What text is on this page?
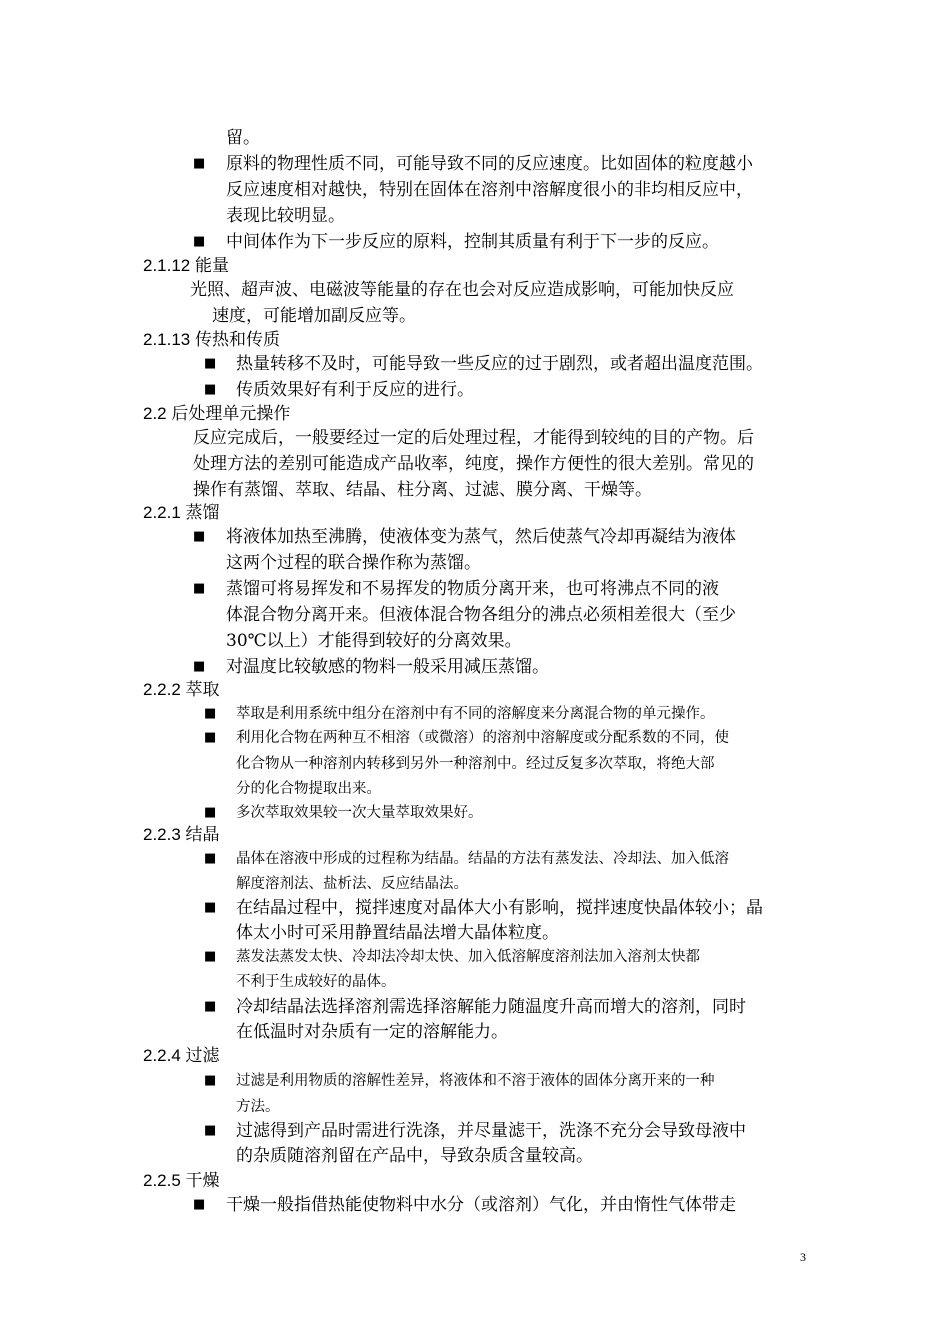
留。
■ 原料的物理性质不同，可能导致不同的反应速度。比如固体的粒度越小
反应速度相对越快，特别在固体在溶剂中溶解度很小的非均相反应中，
表现比较明显。
■ 中间体作为下一步反应的原料，控制其质量有利于下一步的反应。
2.1.12 能量
光照、超声波、电磁波等能量的存在也会对反应造成影响，可能加快反应
速度，可能增加副反应等。
2.1.13 传热和传质
■ 热量转移不及时，可能导致一些反应的过于剧烈，或者超出温度范围。
■ 传质效果好有利于反应的进行。
2.2 后处理单元操作
反应完成后，一般要经过一定的后处理过程，才能得到较纯的目的产物。后
处理方法的差别可能造成产品收率，纯度，操作方便性的很大差别。常见的
操作有蒸馏、萃取、结晶、柱分离、过滤、膜分离、干燥等。
2.2.1 蒸馏
■ 将液体加热至沸腾，使液体变为蒸气，然后使蒸气冷却再凝结为液体
这两个过程的联合操作称为蒸馏。
■ 蒸馏可将易挥发和不易挥发的物质分离开来，也可将沸点不同的液
体混合物分离开来。但液体混合物各组分的沸点必须相差很大（至少
30℃以上）才能得到较好的分离效果。
■ 对温度比较敏感的物料一般采用减压蒸馏。
2.2.2 萃取
■ 萃取是利用系统中组分在溶剂中有不同的溶解度来分离混合物的单元操作。
■ 利用化合物在两种互不相溶（或微溶）的溶剂中溶解度或分配系数的不同，使
化合物从一种溶剂内转移到另外一种溶剂中。经过反复多次萃取，将绝大部
分的化合物提取出来。
■ 多次萃取效果较一次大量萃取效果好。
2.2.3 结晶
■ 晶体在溶液中形成的过程称为结晶。结晶的方法有蒸发法、冷却法、加入低溶
解度溶剂法、盐析法、反应结晶法。
■ 在结晶过程中，搅拌速度对晶体大小有影响，搅拌速度快晶体较小；晶
体太小时可采用静置结晶法增大晶体粒度。
■ 蒸发法蒸发太快、冷却法冷却太快、加入低溶解度溶剂法加入溶剂太快都
不利于生成较好的晶体。
■ 冷却结晶法选择溶剂需选择溶解能力随温度升高而增大的溶剂，同时
在低温时对杂质有一定的溶解能力。
2.2.4 过滤
■ 过滤是利用物质的溶解性差异，将液体和不溶于液体的固体分离开来的一种
方法。
■ 过滤得到产品时需进行洗涤，并尽量滤干，洗涤不充分会导致母液中
的杂质随溶剂留在产品中，导致杂质含量较高。
2.2.5 干燥
■ 干燥一般指借热能使物料中水分（或溶剂）气化，并由惰性气体带走
3
